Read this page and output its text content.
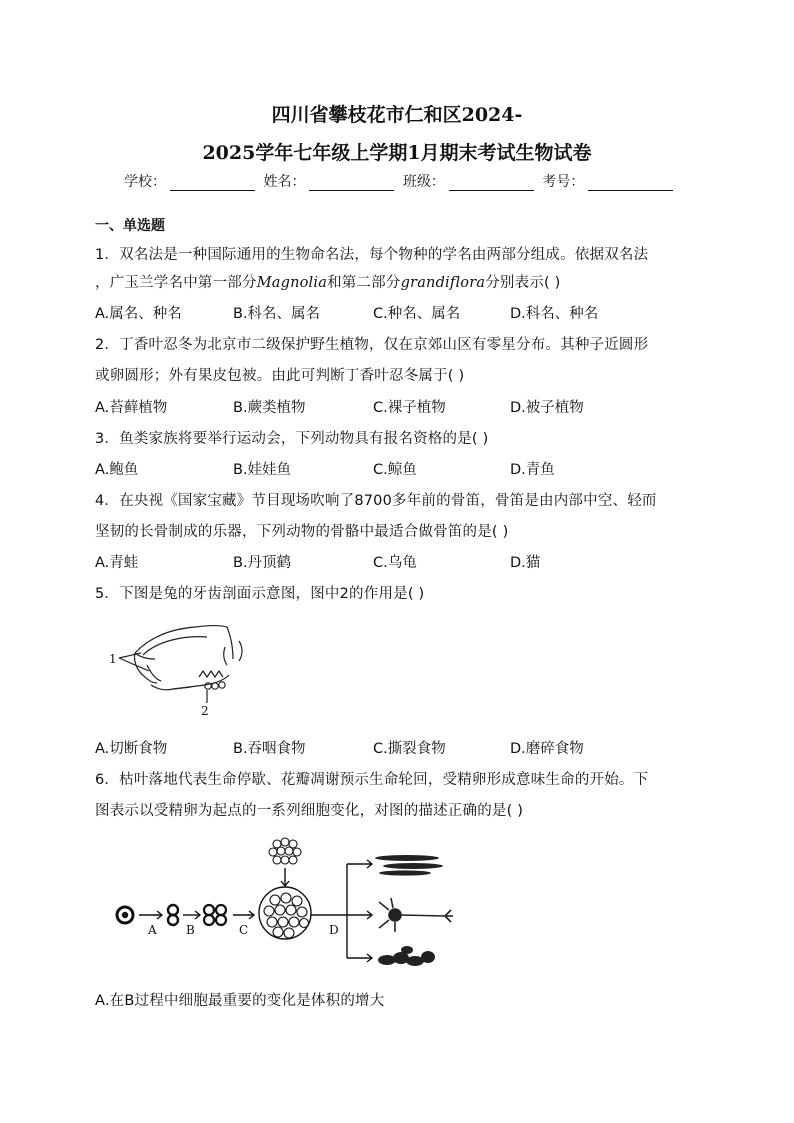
四川省攀枝花市仁和区2024-
2025学年七年级上学期1月期末考试生物试卷
学校：	姓名：	班级：	考号：
一、单选题
1．双名法是一种国际通用的生物命名法，每个物种的学名由两部分组成。依据双名法
，广玉兰学名中第一部分Magnolia和第二部分grandiflora分别表示( )
A.属名、种名	B.科名、属名	C.种名、属名	D.科名、种名
2．丁香叶忍冬为北京市二级保护野生植物，仅在京郊山区有零星分布。其种子近圆形
或卵圆形；外有果皮包被。由此可判断丁香叶忍冬属于( )
A.苔藓植物	B.蕨类植物	C.裸子植物	D.被子植物
3．鱼类家族将要举行运动会，下列动物具有报名资格的是( )
A.鲍鱼	B.娃娃鱼	C.鲸鱼	D.青鱼
4．在央视《国家宝藏》节目现场吹响了8700多年前的骨笛，骨笛是由内部中空、轻而
坚韧的长骨制成的乐器，下列动物的骨骼中最适合做骨笛的是( )
A.青蛙	B.丹顶鹤	C.乌龟	D.猫
5．下图是兔的牙齿剖面示意图，图中2的作用是( )
1
2
A.切断食物	B.吞咽食物	C.撕裂食物	D.磨碎食物
6．枯叶落地代表生命停歇、花瓣凋谢预示生命轮回，受精卵形成意味生命的开始。下
图表示以受精卵为起点的一系列细胞变化，对图的描述正确的是( )
A B	C	D
A.在B过程中细胞最重要的变化是体积的增大
